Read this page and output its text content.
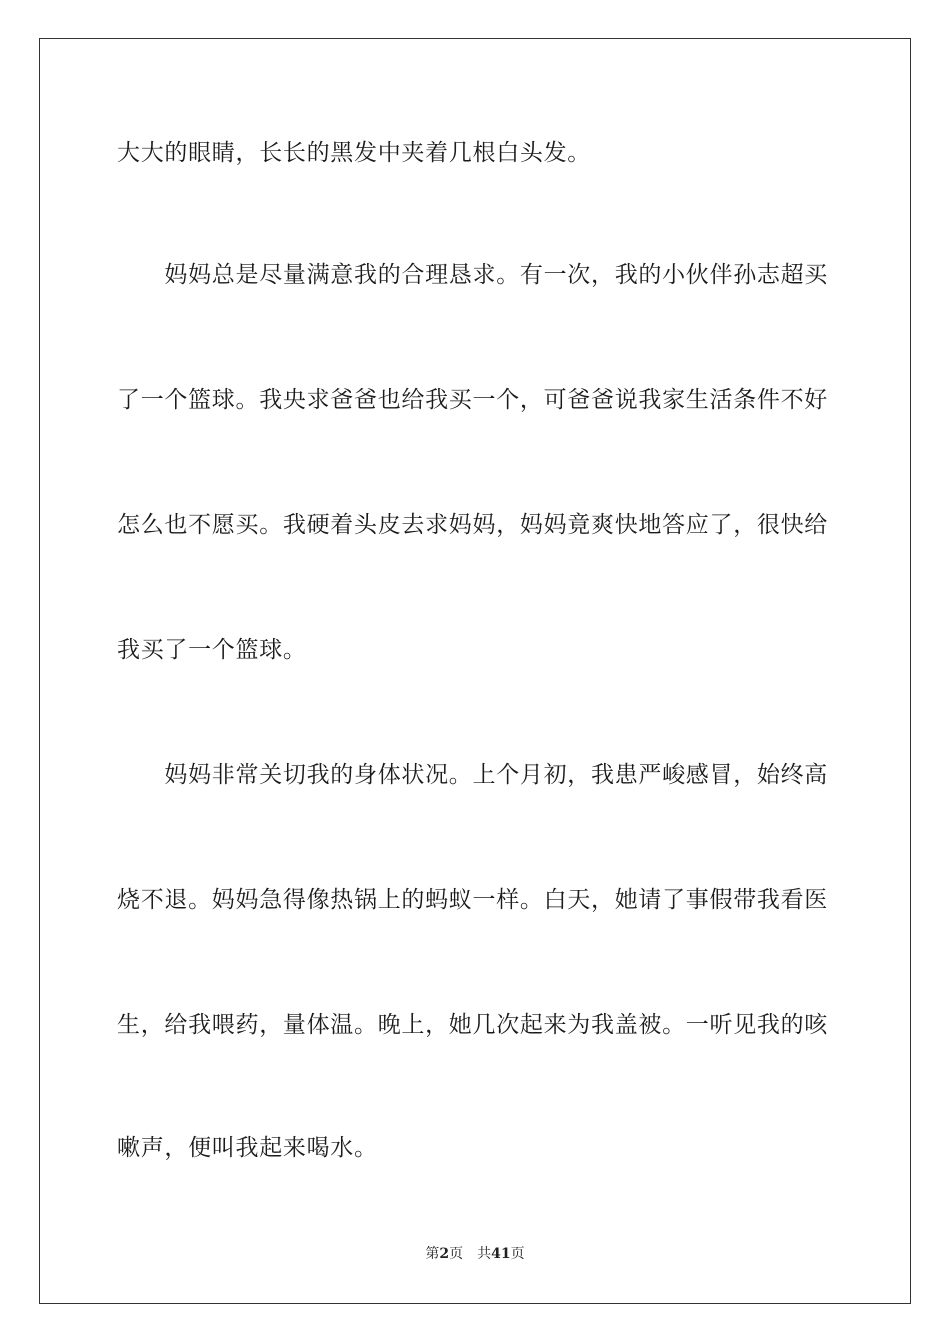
大大的眼睛，长长的黑发中夹着几根白头发。
　　妈妈总是尽量满意我的合理恳求。有一次，我的小伙伴孙志超买
了一个篮球。我央求爸爸也给我买一个，可爸爸说我家生活条件不好
怎么也不愿买。我硬着头皮去求妈妈，妈妈竟爽快地答应了，很快给
我买了一个篮球。
　　妈妈非常关切我的身体状况。上个月初，我患严峻感冒，始终高
烧不退。妈妈急得像热锅上的蚂蚁一样。白天，她请了事假带我看医
生，给我喂药，量体温。晚上，她几次起来为我盖被。一听见我的咳
嗽声，便叫我起来喝水。
第2页 共41页
